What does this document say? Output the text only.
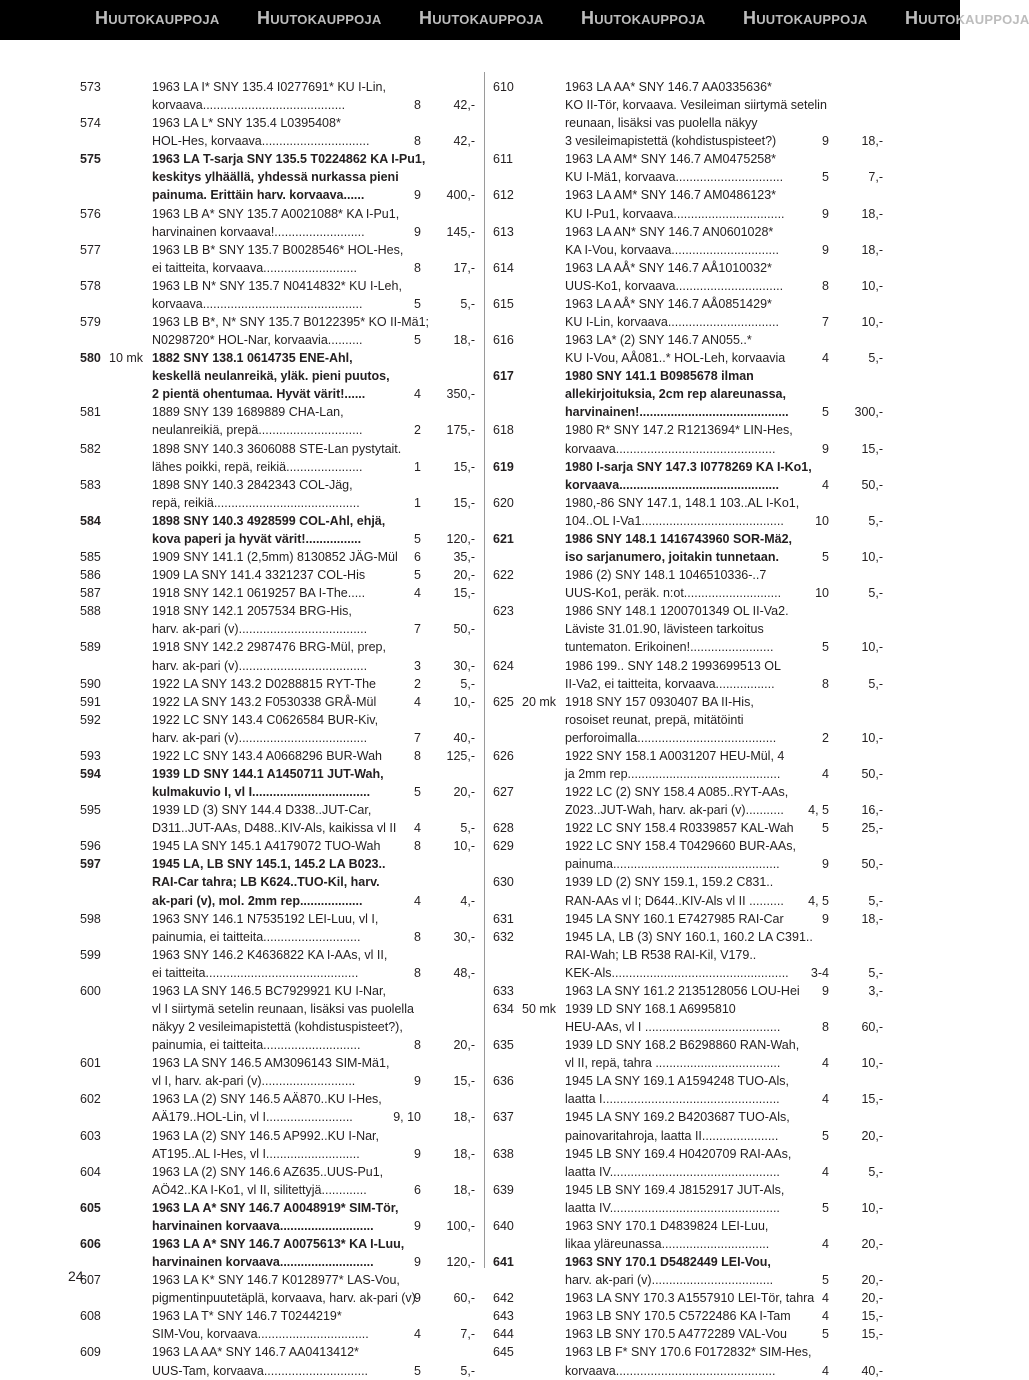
Huutokauppoja Huutokauppoja Huutokauppoja Huutokauppoja Huutokauppoja Huutokauppoja
573	1963 LA I* SNY 135.4 I0277691* KU I-Lin,
korvaava.........................................	8	42,-
574	1963 LA L* SNY 135.4 L0395408*
HOL-Hes, korvaava...............................	8	42,-
575	1963 LA T-sarja SNY 135.5 T0224862 KA I-Pu1,
keskitys ylhäällä, yhdessä nurkassa pieni
painuma. Erittäin harv. korvaava......	9 400,-
576	1963 LB A* SNY 135.7 A0021088* KA I-Pu1,
harvinainen korvaava!..........................	9 145,-
577	1963 LB B* SNY 135.7 B0028546* HOL-Hes,
ei taitteita, korvaava...........................	8	17,-
578	1963 LB N* SNY 135.7 N0414832* KU I-Leh,
korvaava..............................................	5	5,-
579	1963 LB B*, N* SNY 135.7 B0122395* KO II-Mä1;
N0298720* HOL-Nar, korvaavia..........	5	18,-
580 10 mk 1882 SNY 138.1 0614735 ENE-Ahl,
keskellä neulanreikä, yläk. pieni puutos,
2 pientä ohentumaa. Hyvät värit!......	4 350,-
581	1889 SNY 139 1689889 CHA-Lan,
neulanreikiä, prepä..............................	2 175,-
582	1898 SNY 140.3 3606088 STE-Lan pystytait.
lähes poikki, repä, reikiä......................	1	15,-
583	1898 SNY 140.3 2842343 COL-Jäg,
repä, reikiä..........................................	1	15,-
584	1898 SNY 140.3 4928599 COL-Ahl, ehjä,
kova paperi ja hyvät värit!................	5 120,-
585	1909 SNY 141.1 (2,5mm) 8130852 JÄG-Mül	6	35,-
586	1909 LA SNY 141.4 3321237 COL-His	5	20,-
587	1918 SNY 142.1 0619257 BA I-The.....	4	15,-
588	1918 SNY 142.1 2057534 BRG-His,
harv. ak-pari (v).....................................	7	50,-
589	1918 SNY 142.2 2987476 BRG-Mül, prep,
harv. ak-pari (v).....................................	3	30,-
590	1922 LA SNY 143.2 D0288815 RYT-The	2	5,-
591	1922 LA SNY 143.2 F0530338 GRÅ-Mül	4	10,-
592	1922 LC SNY 143.4 C0626584 BUR-Kiv,
harv. ak-pari (v).....................................	7	40,-
593	1922 LC SNY 143.4 A0668296 BUR-Wah	8 125,-
594	1939 LD SNY 144.1 A1450711 JUT-Wah,
kulmakuvio I, vl I..................................	5	20,-
595	1939 LD (3) SNY 144.4 D338..JUT-Car,
D311..JUT-AAs, D488..KIV-Als, kaikissa vl II	4	5,-
596	1945 LA SNY 145.1 A4179072 TUO-Wah	8	10,-
597	1945 LA, LB SNY 145.1, 145.2 LA B023..
RAI-Car tahra; LB K624..TUO-Kil, harv.
ak-pari (v), mol. 2mm rep..................	4	4,-
598	1963 SNY 146.1 N7535192 LEI-Luu, vl I,
painumia, ei taitteita............................	8	30,-
599	1963 SNY 146.2 K4636822 KA I-AAs, vl II,
ei taitteita............................................	8	48,-
600	1963 LA SNY 146.5 BC7929921 KU I-Nar,
vl I siirtymä setelin reunaan, lisäksi vas puolella
näkyy 2 vesileimapistettä (kohdistuspisteet?),
painumia, ei taitteita............................	8	20,-
601	1963 LA SNY 146.5 AM3096143 SIM-Mä1,
vl I, harv. ak-pari (v)...........................	9	15,-
602	1963 LA (2) SNY 146.5 AÄ870..KU I-Hes,
AÄ179..HOL-Lin, vl I.........................	9, 10	18,-
603	1963 LA (2) SNY 146.5 AP992..KU I-Nar,
AT195..AL I-Hes, vl I...........................	9	18,-
604	1963 LA (2) SNY 146.6 AZ635..UUS-Pu1,
AÖ42..KA I-Ko1, vl II, silitettyjä.............	6	18,-
605	1963 LA A* SNY 146.7 A0048919* SIM-Tör,
harvinainen korvaava...........................	9 100,-
606	1963 LA A* SNY 146.7 A0075613* KA I-Luu,
harvinainen korvaava...........................	9 120,-
607	1963 LA K* SNY 146.7 K0128977* LAS-Vou,
pigmentinpuutetäplä, korvaava, harv. ak-pari (v)
9	60,-
608	1963 LA T* SNY 146.7 T0244219*
SIM-Vou, korvaava................................	4	7,-
609	1963 LA AA* SNY 146.7 AA0413412*
UUS-Tam, korvaava..............................	5	5,-
610	1963 LA AA* SNY 146.7 AA0335636*
KO II-Tör, korvaava. Vesileiman siirtymä setelin
reunaan, lisäksi vas puolella näkyy
3 vesileimapistettä (kohdistuspisteet?)	9	18,-
611	1963 LA AM* SNY 146.7 AM0475258*
KU I-Mä1, korvaava...............................	5	7,-
612	1963 LA AM* SNY 146.7 AM0486123*
KU I-Pu1, korvaava................................	9	18,-
613	1963 LA AN* SNY 146.7 AN0601028*
KA I-Vou, korvaava...............................	9	18,-
614	1963 LA AÅ* SNY 146.7 AÅ1010032*
UUS-Ko1, korvaava...............................	8	10,-
615	1963 LA AÅ* SNY 146.7 AÅ0851429*
KU I-Lin, korvaava................................	7	10,-
616	1963 LA* (2) SNY 146.7 AN055..*
KU I-Vou, AÅ081..* HOL-Leh, korvaavia	4	5,-
617	1980 SNY 141.1 B0985678 ilman
allekirjoituksia, 2cm rep alareunassa,
harvinainen!...........................................	5 300,-
618	1980 R* SNY 147.2 R1213694* LIN-Hes,
korvaava..............................................	9	15,-
619	1980 I-sarja SNY 147.3 I0778269 KA I-Ko1,
korvaava..............................................	4	50,-
620	1980,-86 SNY 147.1, 148.1 103..AL I-Ko1,
104..OL I-Va1.........................................	10	5,-
621	1986 SNY 148.1 1416743960 SOR-Mä2,
iso sarjanumero, joitakin tunnetaan.	5	10,-
622	1986 (2) SNY 148.1 1046510336-..7
UUS-Ko1, peräk. n:ot............................	10	5,-
623	1986 SNY 148.1 1200701349 OL II-Va2.
Läviste 31.01.90, lävisteen tarkoitus
tuntematon. Erikoinen!........................	5	10,-
624	1986 199.. SNY 148.2 1993699513 OL
II-Va2, ei taitteita, korvaava.................	8	5,-
625 20 mk 1918 SNY 157 0930407 BA II-His,
rosoiset reunat, prepä, mitätöinti
perforoimalla........................................	2	10,-
626	1922 SNY 158.1 A0031207 HEU-Mül, 4
ja 2mm rep............................................	4	50,-
627	1922 LC (2) SNY 158.4 A085..RYT-AAs,
Z023..JUT-Wah, harv. ak-pari (v)...........	4, 5	16,-
628	1922 LC SNY 158.4 R0339857 KAL-Wah	5	25,-
629	1922 LC SNY 158.4 T0429660 BUR-AAs,
painuma................................................	9	50,-
630	1939 LD (2) SNY 159.1, 159.2 C831..
RAN-AAs vl I; D644..KIV-Als vl II ..........	4, 5	5,-
631	1945 LA SNY 160.1 E7427985 RAI-Car	9	18,-
632	1945 LA, LB (3) SNY 160.1, 160.2 LA C391..
RAI-Wah; LB R538 RAI-Kil, V179..
KEK-Als...................................................	3-4	5,-
633	1963 LA SNY 161.2 2135128056 LOU-Hei	9	3,-
634 50 mk 1939 LD SNY 168.1 A6995810
HEU-AAs, vl I .......................................	8	60,-
635	1939 LD SNY 168.2 B6298860 RAN-Wah,
vl II, repä, tahra ....................................	4	10,-
636	1945 LA SNY 169.1 A1594248 TUO-Als,
laatta I...................................................	4	15,-
637	1945 LA SNY 169.2 B4203687 TUO-Als,
painovaritahroja, laatta II......................	5	20,-
638	1945 LB SNY 169.4 H0420709 RAI-AAs,
laatta IV.................................................	4	5,-
639	1945 LB SNY 169.4 J8152917 JUT-Als,
laatta IV.................................................	5	10,-
640	1963 SNY 170.1 D4839824 LEI-Luu,
likaa yläreunassa...............................	4	20,-
641	1963 SNY 170.1 D5482449 LEI-Vou,
harv. ak-pari (v)...................................	5	20,-
642	1963 LA SNY 170.3 A1557910 LEI-Tör, tahra 4	20,-
643	1963 LB SNY 170.5 C5722486 KA I-Tam	4	15,-
644	1963 LB SNY 170.5 A4772289 VAL-Vou	5	15,-
645	1963 LB F* SNY 170.6 F0172832* SIM-Hes,
korvaava..............................................	4	40,-
24
